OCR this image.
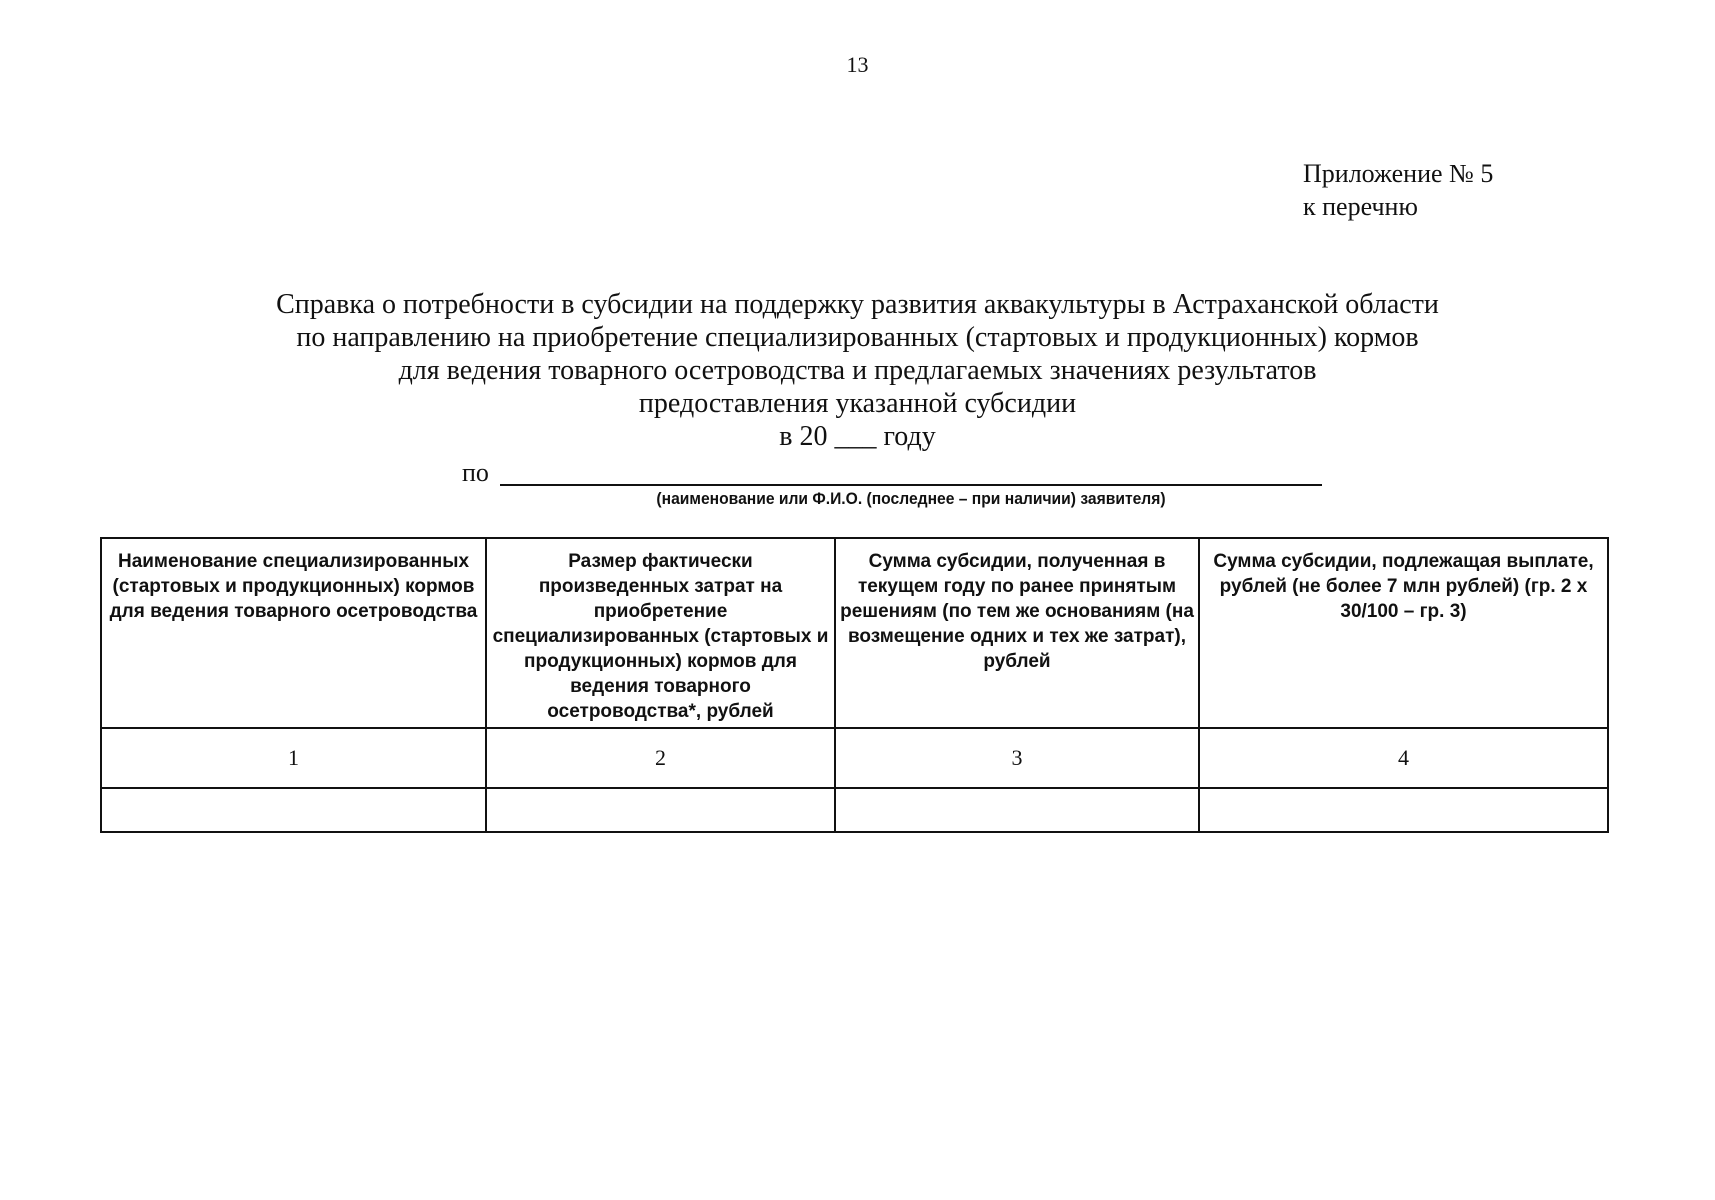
13
Приложение № 5
к перечню
Справка о потребности в субсидии на поддержку развития аквакультуры в Астраханской области
по направлению на приобретение специализированных (стартовых и продукционных) кормов
для ведения товарного осетроводства и предлагаемых значениях результатов
предоставления указанной субсидии
в 20 ___ году
по
(наименование или Ф.И.О. (последнее – при наличии) заявителя)
Наименование специализированных (стартовых и продукционных) кормов для ведения товарного осетроводства	Размер фактически произведенных затрат на приобретение специализированных (стартовых и продукционных) кормов для ведения товарного осетроводства*, рублей	Сумма субсидии, полученная в текущем году по ранее принятым решениям (по тем же основаниям (на возмещение одних и тех же затрат), рублей	Сумма субсидии, подлежащая выплате, рублей (не более 7 млн рублей) (гр. 2 х 30/100 – гр. 3)
1	2	3	4
